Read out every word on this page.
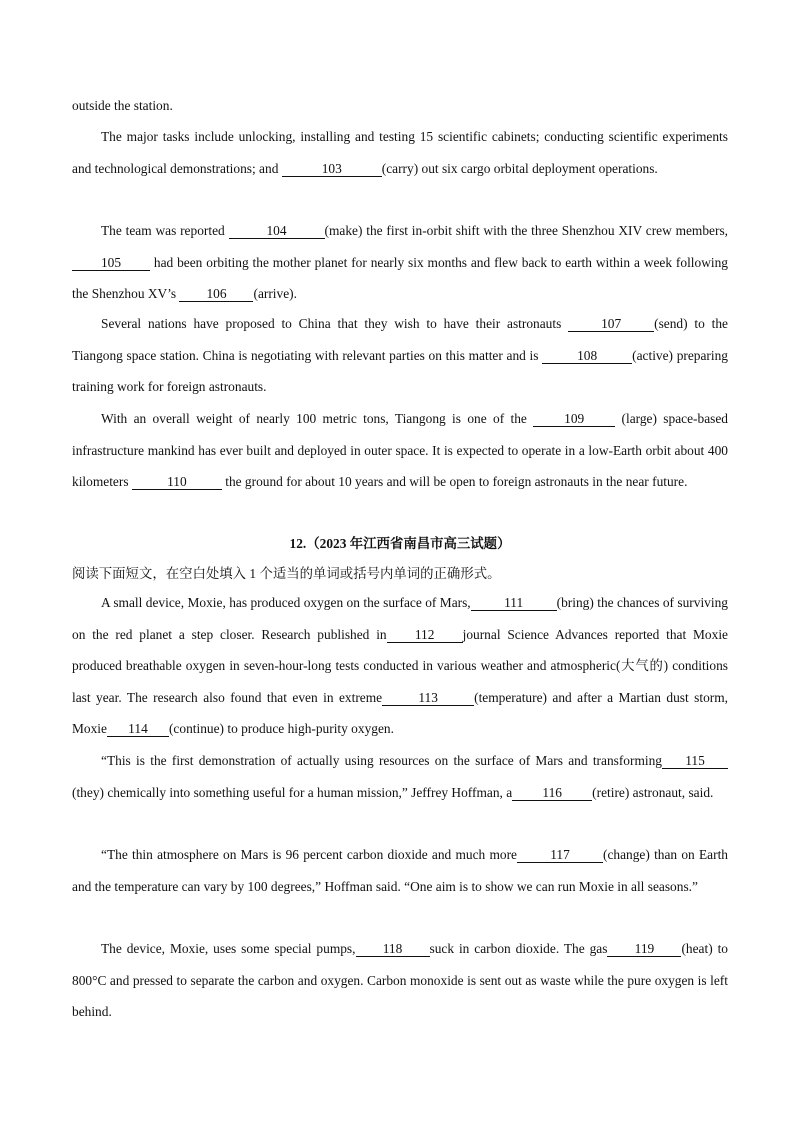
outside the station.

The major tasks include unlocking, installing and testing 15 scientific cabinets; conducting scientific experiments and technological demonstrations; and	103	(carry) out six cargo orbital deployment operations.

The team was reported	104	(make) the first in-orbit shift with the three Shenzhou XIV crew members, 105 had been orbiting the mother planet for nearly six months and flew back to earth within a week following the Shenzhou XV’s 106 (arrive).

Several nations have proposed to China that they wish to have their astronauts 107 (send) to the Tiangong space station. China is negotiating with relevant parties on this matter and is	108	(active) preparing training work for foreign astronauts.

With an overall weight of nearly 100 metric tons, Tiangong is one of the 109 (large) space-based infrastructure mankind has ever built and deployed in outer space. It is expected to operate in a low-Earth orbit about 400 kilometers	110	the ground for about 10 years and will be open to foreign astronauts in the near future.

12.（2023 年江西省南昌市高三试题）

阅读下面短文，在空白处填入 1 个适当的单词或括号内单词的正确形式。

A small device, Moxie, has produced oxygen on the surface of Mars, 111 (bring) the chances of surviving on the red planet a step closer. Research published in 112 journal Science Advances reported that Moxie produced breathable oxygen in seven-hour-long tests conducted in various weather and atmospheric(大气的) conditions last year. The research also found that even in extreme	113	(temperature) and after a Martian dust storm, Moxie 114 (continue) to produce high-purity oxygen.

“This is the first demonstration of actually using resources on the surface of Mars and transforming 115 (they) chemically into something useful for a human mission,” Jeffrey Hoffman, a 116 (retire) astronaut, said.

“The thin atmosphere on Mars is 96 percent carbon dioxide and much more 117 (change) than on Earth and the temperature can vary by 100 degrees,” Hoffman said. “One aim is to show we can run Moxie in all seasons.”

The device, Moxie, uses some special pumps, 118 suck in carbon dioxide. The gas 119 (heat) to 800°C and pressed to separate the carbon and oxygen. Carbon monoxide is sent out as waste while the pure oxygen is left behind.
